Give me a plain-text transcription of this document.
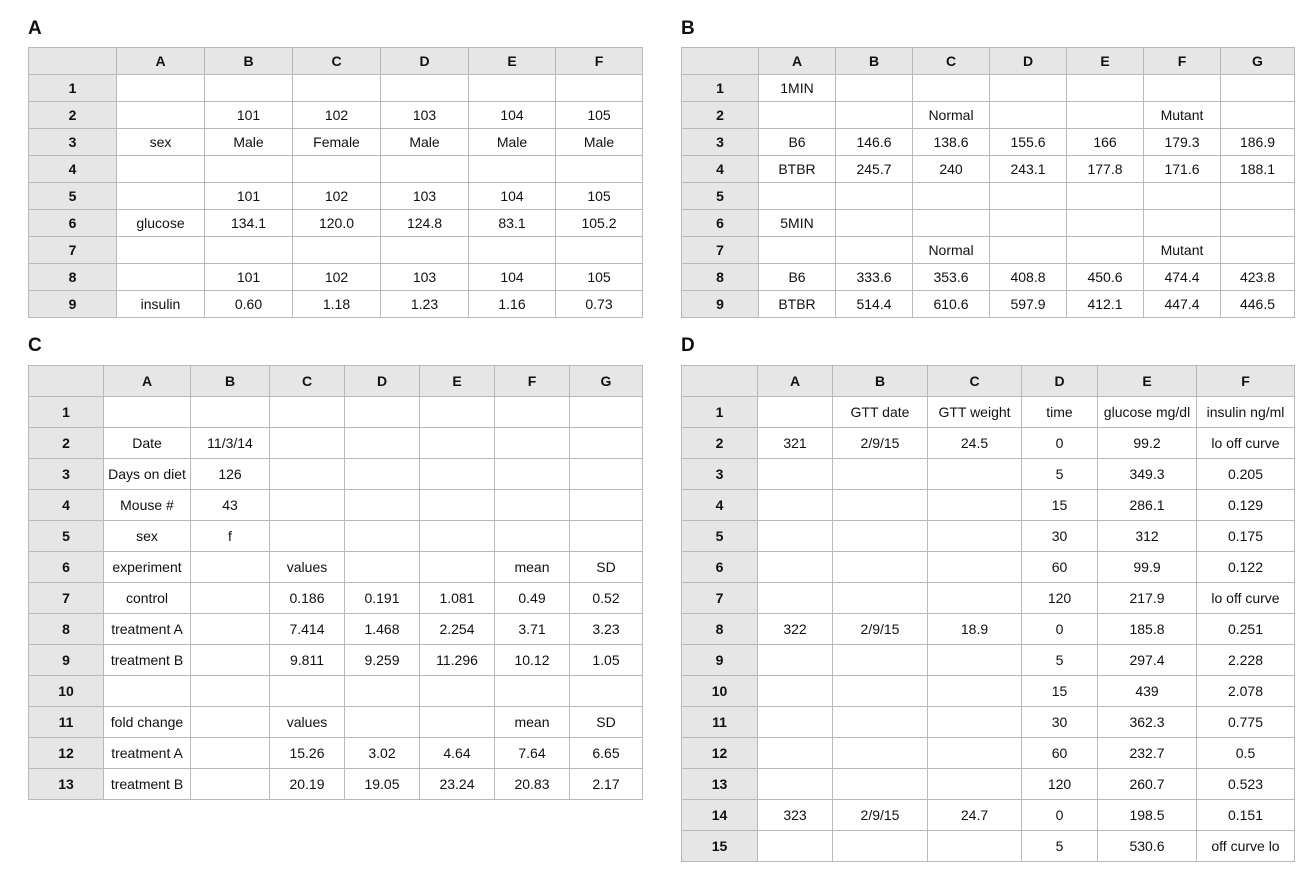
A
	A	B	C	D	E	F
1						
2		101	102	103	104	105
3	sex	Male	Female	Male	Male	Male
4						
5		101	102	103	104	105
6	glucose	134.1	120.0	124.8	83.1	105.2
7						
8		101	102	103	104	105
9	insulin	0.60	1.18	1.23	1.16	0.73
B
	A	B	C	D	E	F	G
1	1MIN						
2			Normal			Mutant	
3	B6	146.6	138.6	155.6	166	179.3	186.9
4	BTBR	245.7	240	243.1	177.8	171.6	188.1
5							
6	5MIN						
7			Normal			Mutant	
8	B6	333.6	353.6	408.8	450.6	474.4	423.8
9	BTBR	514.4	610.6	597.9	412.1	447.4	446.5
C
	A	B	C	D	E	F	G
1							
2	Date	11/3/14					
3	Days on diet	126					
4	Mouse #	43					
5	sex	f					
6	experiment		values			mean	SD
7	control		0.186	0.191	1.081	0.49	0.52
8	treatment A		7.414	1.468	2.254	3.71	3.23
9	treatment B		9.811	9.259	11.296	10.12	1.05
10							
11	fold change		values			mean	SD
12	treatment A		15.26	3.02	4.64	7.64	6.65
13	treatment B		20.19	19.05	23.24	20.83	2.17
D
	A	B	C	D	E	F
1		GTT date	GTT weight	time	glucose mg/dl	insulin ng/ml
2	321	2/9/15	24.5	0	99.2	lo off curve
3				5	349.3	0.205
4				15	286.1	0.129
5				30	312	0.175
6				60	99.9	0.122
7				120	217.9	lo off curve
8	322	2/9/15	18.9	0	185.8	0.251
9				5	297.4	2.228
10				15	439	2.078
11				30	362.3	0.775
12				60	232.7	0.5
13				120	260.7	0.523
14	323	2/9/15	24.7	0	198.5	0.151
15				5	530.6	off curve lo
